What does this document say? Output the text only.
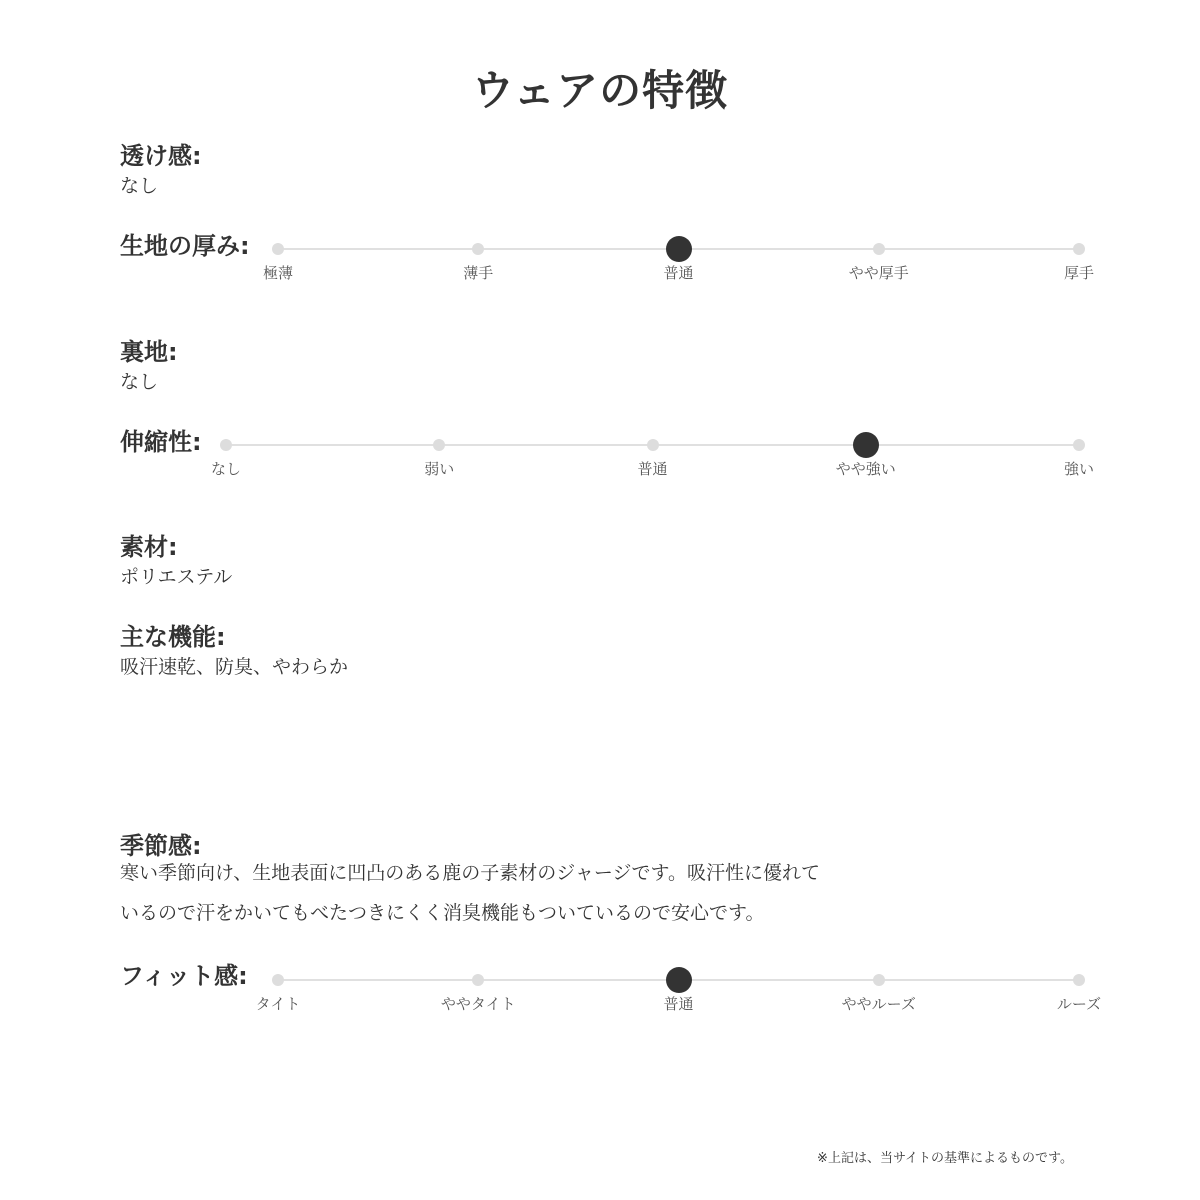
ウェアの特徴
透け感:
なし
生地の厚み:
極薄	薄手	普通	やや厚手	厚手
裏地:
なし
伸縮性:
なし	弱い	普通	やや強い	強い
素材:
ポリエステル
主な機能:
吸汗速乾、防臭、やわらか
季節感:
寒い季節向け、生地表面に凹凸のある鹿の子素材のジャージです。吸汗性に優れて
いるので汗をかいてもべたつきにくく消臭機能もついているので安心です。
フィット感:
タイト	ややタイト	普通	ややルーズ	ルーズ
※上記は、当サイトの基準によるものです。
